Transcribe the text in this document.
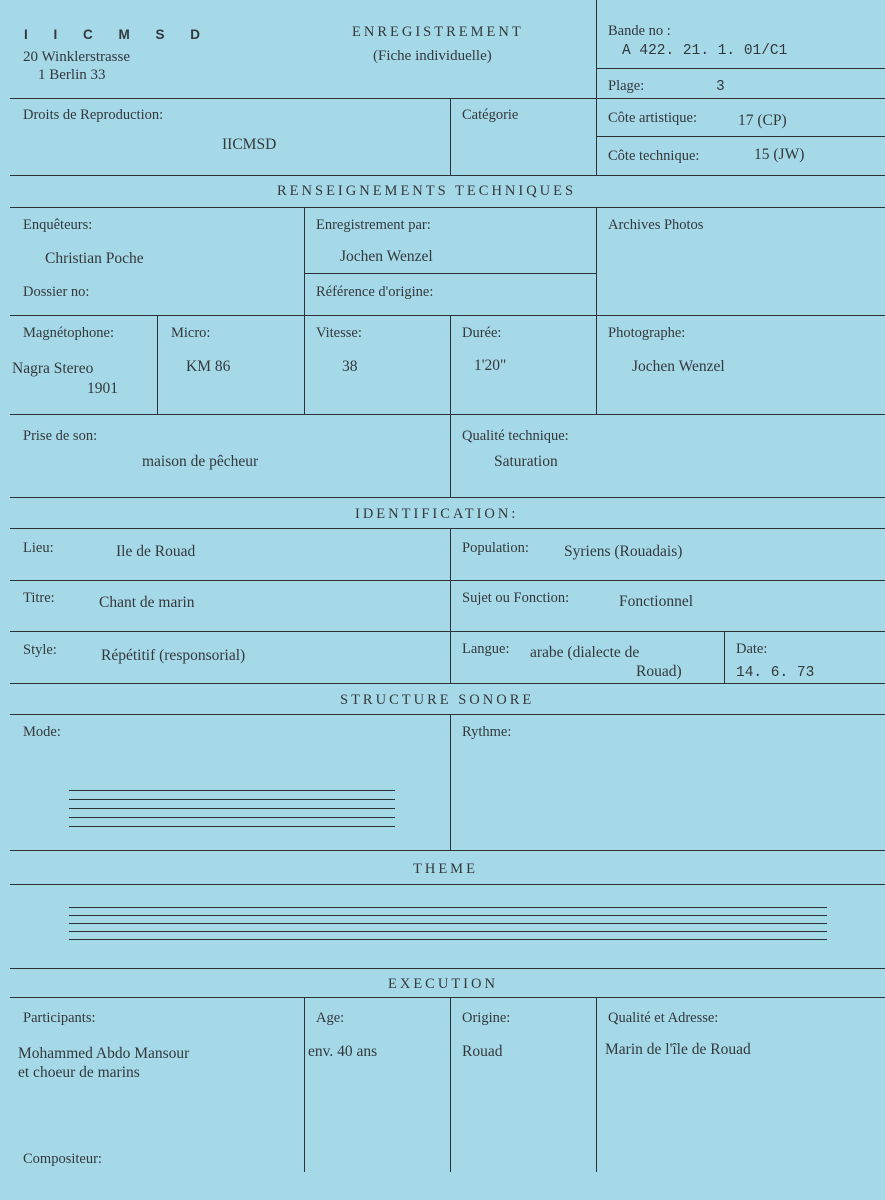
I I C M S D
20 Winklerstrasse
1 Berlin 33
ENREGISTREMENT
(Fiche individuelle)
Bande no :
A 422. 21. 1. 01/C1
Plage:	3
Droits de Reproduction:
IICMSD
Catégorie	Côte artistique:	17 (CP)
Côte technique:	15 (JW)
RENSEIGNEMENTS TECHNIQUES
Enquêteurs:
Christian Poche
Enregistrement par:
Jochen Wenzel
Archives Photos
Dossier no:	Référence d'origine:
Magnétophone:
Nagra Stereo
1901
Micro:
KM 86
Vitesse:
38
Durée:
1'20"
Photographe:
Jochen Wenzel
Prise de son:
maison de pêcheur
Qualité technique:
Saturation
IDENTIFICATION:
Lieu:	Ile de Rouad	Population: Syriens (Rouadais)
Titre:	Chant de marin	Sujet ou Fonction:	Fonctionnel
Style:	Répétitif (responsorial)	Langue: arabe (dialecte de
Rouad)
Date:
14. 6. 73
STRUCTURE SONORE
Mode:	Rythme:
THEME
EXECUTION
Participants:
Mohammed Abdo Mansour
et choeur de marins
Age:
env. 40 ans
Origine:
Rouad
Qualité et Adresse:
Marin de l'île de Rouad
Compositeur:
